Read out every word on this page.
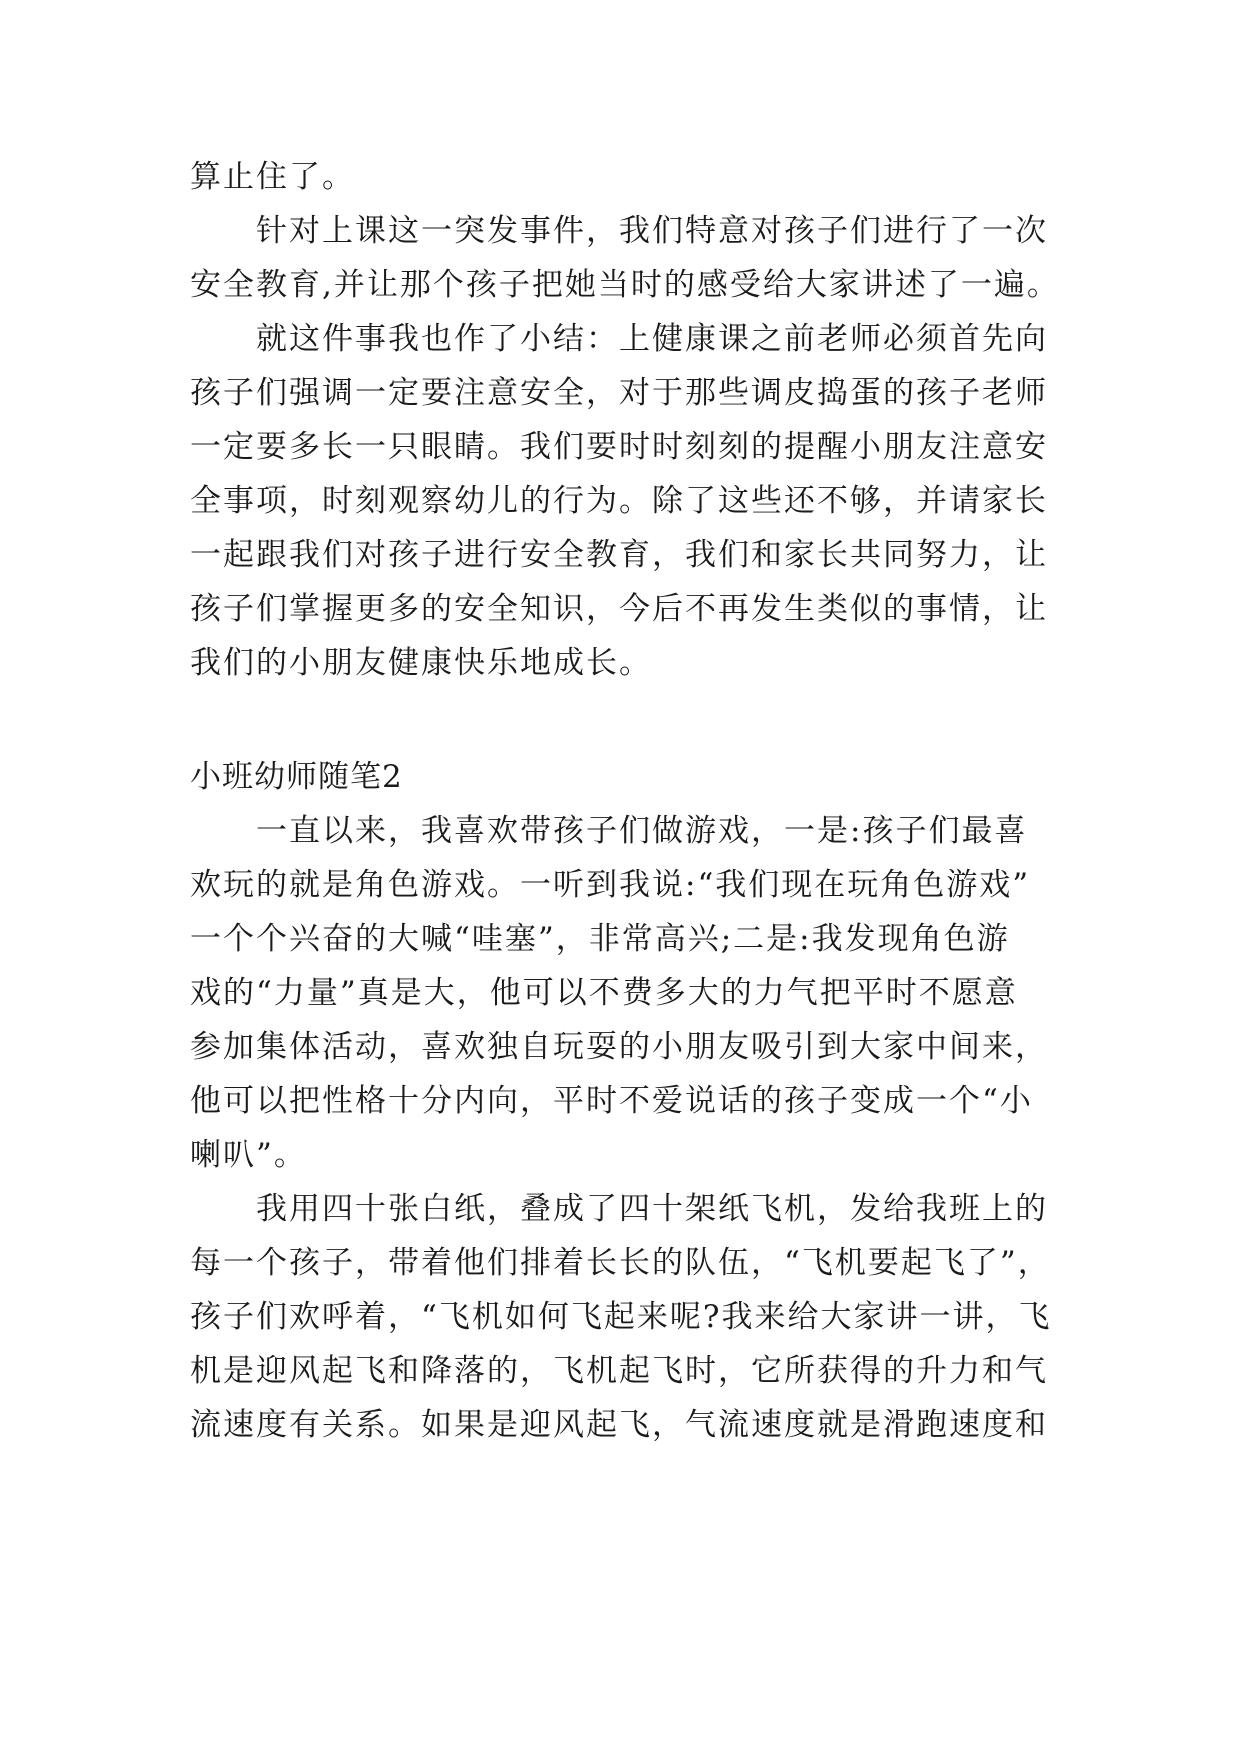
算止住了。
针对上课这一突发事件，我们特意对孩子们进行了一次
安全教育,并让那个孩子把她当时的感受给大家讲述了一遍。
就这件事我也作了小结：上健康课之前老师必须首先向
孩子们强调一定要注意安全，对于那些调皮捣蛋的孩子老师
一定要多长一只眼睛。我们要时时刻刻的提醒小朋友注意安
全事项，时刻观察幼儿的行为。除了这些还不够，并请家长
一起跟我们对孩子进行安全教育，我们和家长共同努力，让
孩子们掌握更多的安全知识，今后不再发生类似的事情，让
我们的小朋友健康快乐地成长。
小班幼师随笔2
一直以来，我喜欢带孩子们做游戏，一是:孩子们最喜
欢玩的就是角色游戏。一听到我说:“我们现在玩角色游戏”
一个个兴奋的大喊“哇塞”，非常高兴;二是:我发现角色游
戏的“力量”真是大，他可以不费多大的力气把平时不愿意
参加集体活动，喜欢独自玩耍的小朋友吸引到大家中间来，
他可以把性格十分内向，平时不爱说话的孩子变成一个“小
喇叭”。
我用四十张白纸，叠成了四十架纸飞机，发给我班上的
每一个孩子，带着他们排着长长的队伍，“飞机要起飞了”，
孩子们欢呼着，“飞机如何飞起来呢?我来给大家讲一讲，飞
机是迎风起飞和降落的，飞机起飞时，它所获得的升力和气
流速度有关系。如果是迎风起飞，气流速度就是滑跑速度和
